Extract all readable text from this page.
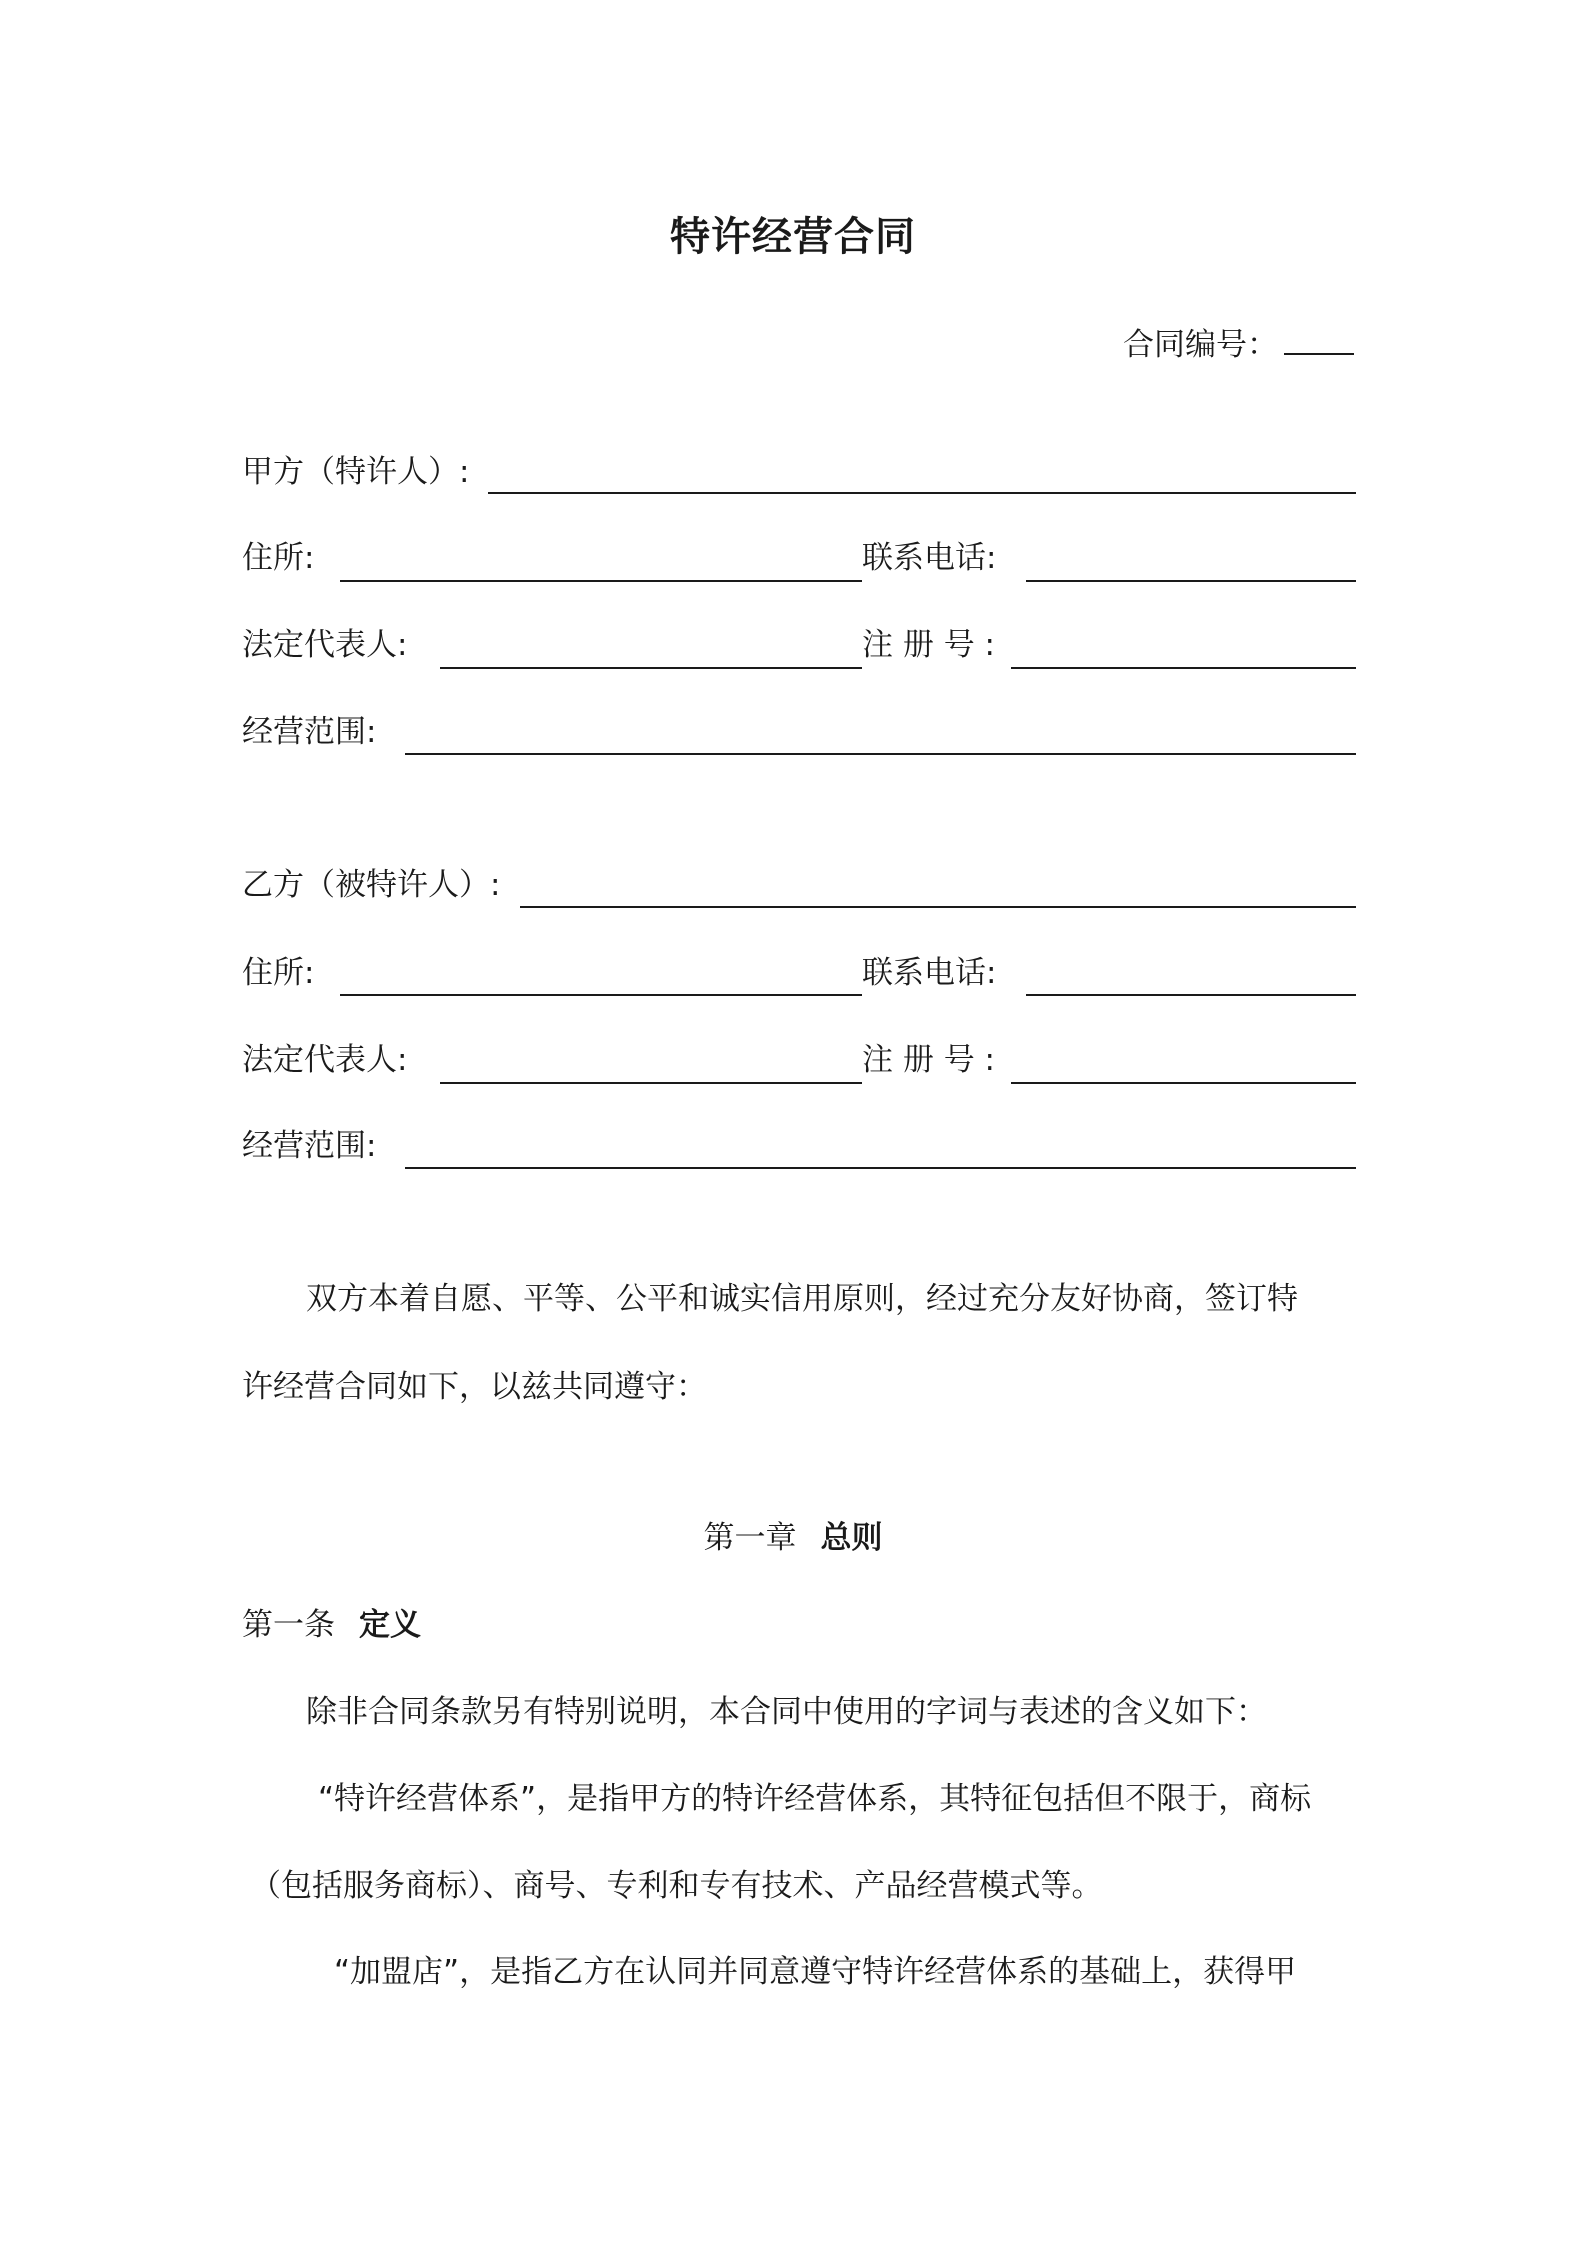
特许经营合同
合同编号：
甲方（特许人）:
住所:	联系电话:
法定代表人:	注 册 号 :
经营范围:
乙方（被特许人）:
住所:	联系电话:
法定代表人:	注 册 号 :
经营范围:
双方本着自愿、平等、公平和诚实信用原则，经过充分友好协商，签订特
许经营合同如下，以兹共同遵守：
第一章 总则
第一条 定义
除非合同条款另有特别说明，本合同中使用的字词与表述的含义如下：
“特许经营体系”，是指甲方的特许经营体系，其特征包括但不限于，商标
（包括服务商标）、商号、专利和专有技术、产品经营模式等。
“加盟店”，是指乙方在认同并同意遵守特许经营体系的基础上，获得甲
